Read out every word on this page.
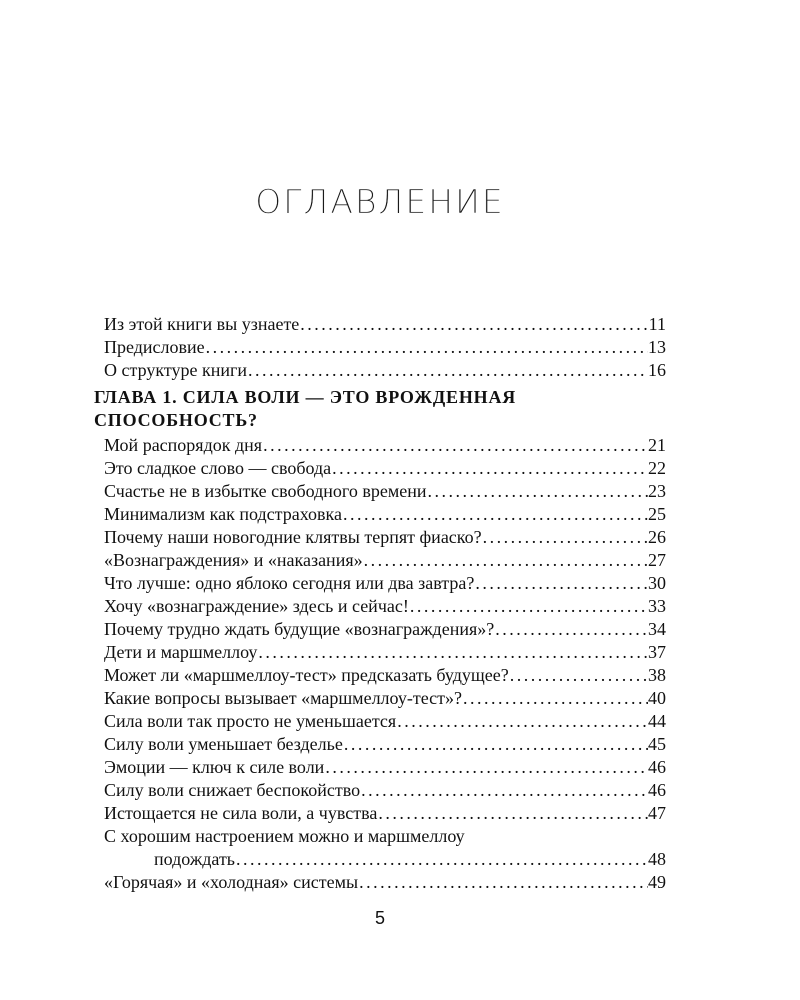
ОГЛАВЛЕНИЕ
Из этой книги вы узнаете .....	11
Предисловие .....	13
О структуре книги .....	16
ГЛАВА 1. СИЛА ВОЛИ — ЭТО ВРОЖДЕННАЯ
СПОСОБНОСТЬ?
Мой распорядок дня .....	21
Это сладкое слово — свобода .....	22
Счастье не в избытке свободного времени .....	23
Минимализм как подстраховка .....	25
Почему наши новогодние клятвы терпят фиаско? .....	26
«Вознаграждения» и «наказания» .....	27
Что лучше: одно яблоко сегодня или два завтра? .....	30
Хочу «вознаграждение» здесь и сейчас! .....	33
Почему трудно ждать будущие «вознаграждения»? .....	34
Дети и маршмеллоу .....	37
Может ли «маршмеллоу-тест» предсказать будущее? .....	38
Какие вопросы вызывает «маршмеллоу-тест»? .....	40
Сила воли так просто не уменьшается .....	44
Силу воли уменьшает безделье .....	45
Эмоции — ключ к силе воли .....	46
Силу воли снижает беспокойство .....	46
Истощается не сила воли, а чувства .....	47
С хорошим настроением можно и маршмеллоу
подождать .....	48
«Горячая» и «холодная» системы .....	49
5
